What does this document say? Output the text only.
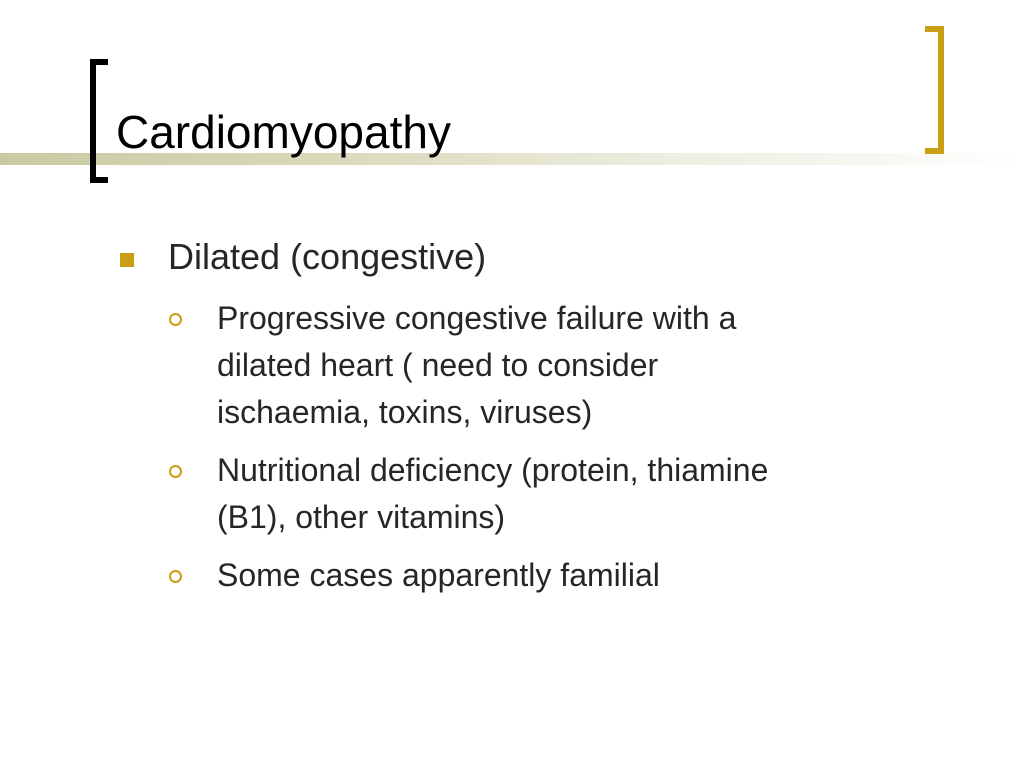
Cardiomyopathy
Dilated (congestive)
Progressive congestive failure with a
dilated heart ( need to consider
ischaemia, toxins, viruses)
Nutritional deficiency (protein, thiamine
(B1), other vitamins)
Some cases apparently familial
